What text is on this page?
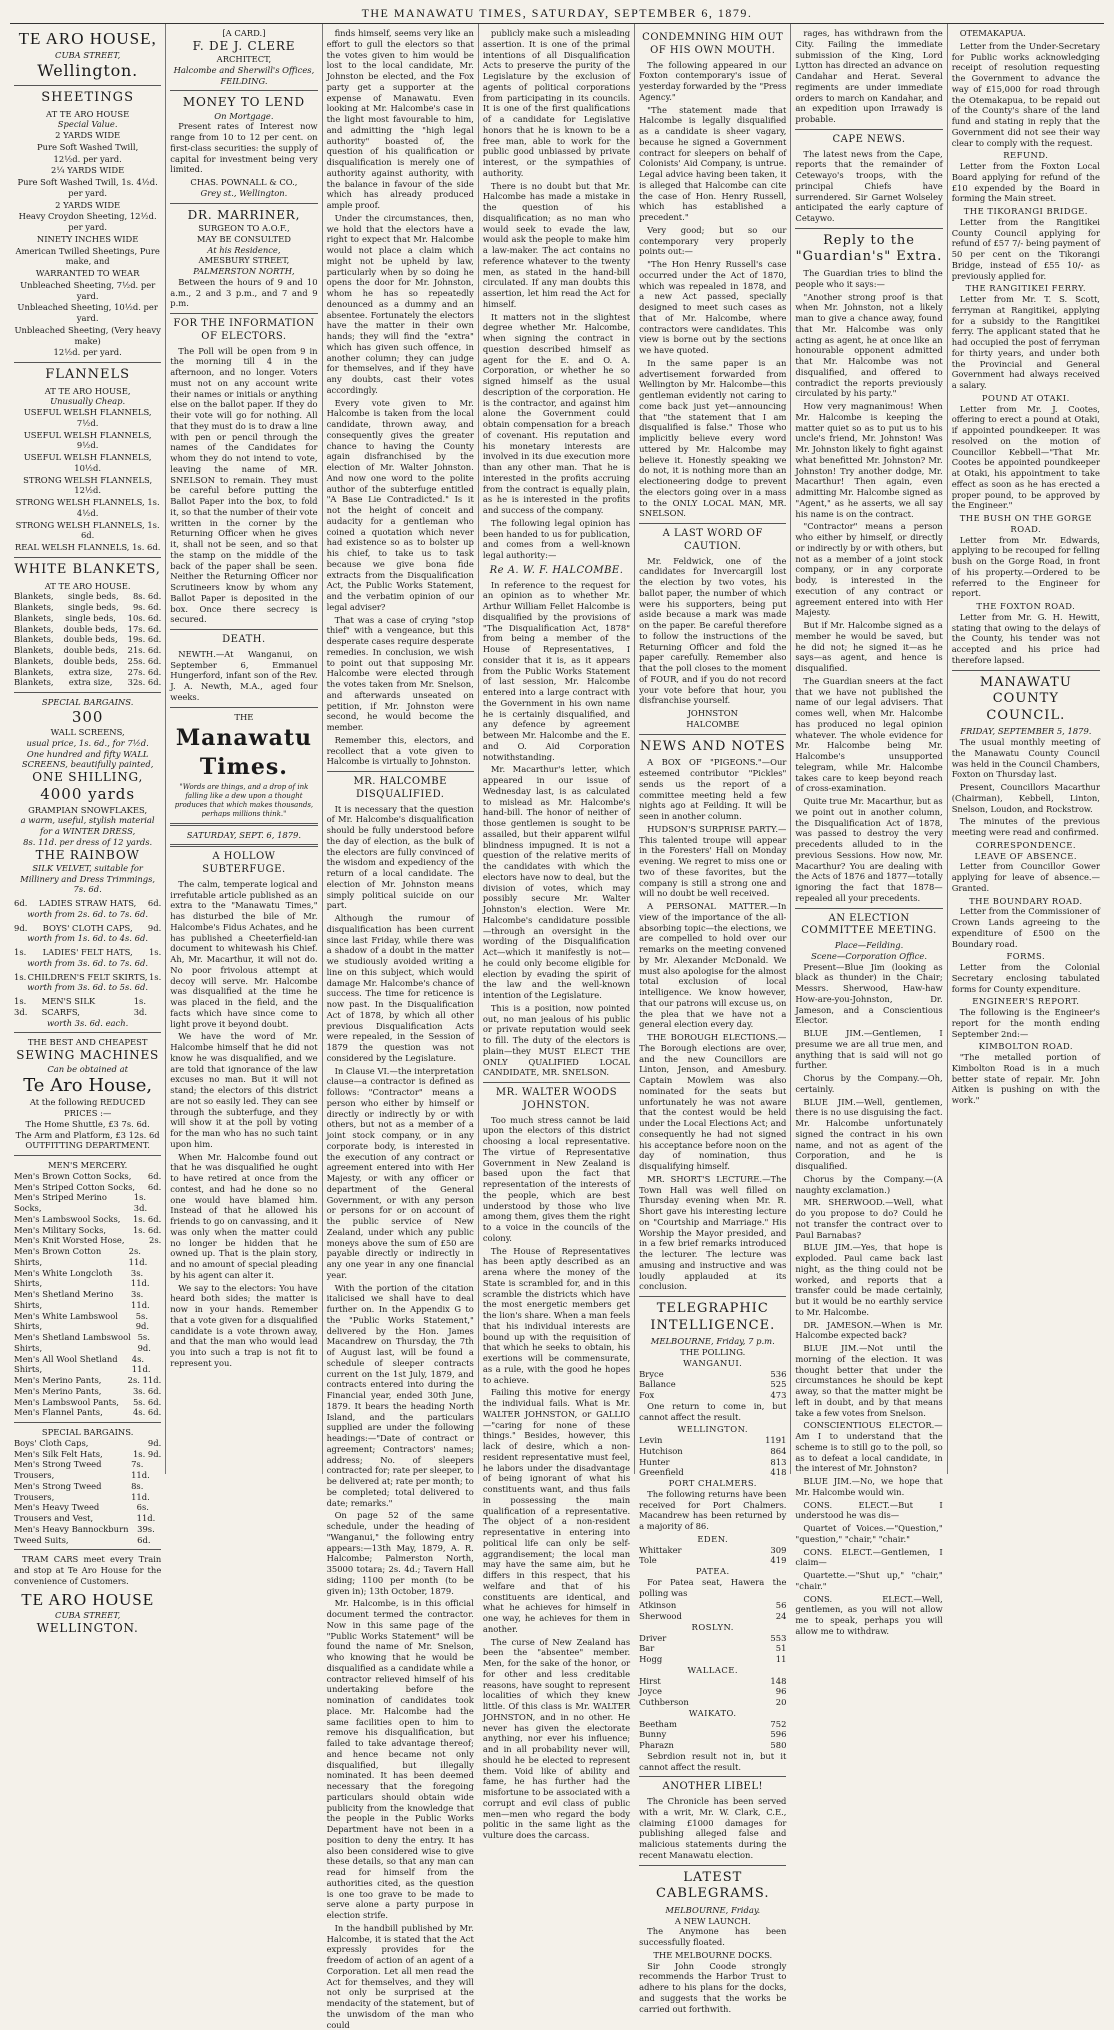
THE MANAWATU TIMES, SATURDAY, SEPTEMBER 6, 1879.
TE ARO HOUSE,
CUBA STREET,
Wellington.
SHEETINGS
AT TE ARO HOUSE
Special Value.
2 YARDS WIDE
Pure Soft Washed Twill,
12½d. per yard.
2¼ YARDS WIDE
Pure Soft Washed Twill, 1s. 4½d. per yard.
2 YARDS WIDE
Heavy Croydon Sheeting, 12½d. per yard.
NINETY INCHES WIDE
American Twilled Sheetings, Pure make, and
WARRANTED TO WEAR
Unbleached Sheeting, 7½d. per yard.
Unbleached Sheeting, 10½d. per yard.
Unbleached Sheeting, (Very heavy make)
12½d. per yard.
FLANNELS
AT TE ARO HOUSE,
Unusually Cheap.
USEFUL WELSH FLANNELS, 7½d.
USEFUL WELSH FLANNELS, 9½d.
USEFUL WELSH FLANNELS, 10½d.
STRONG WELSH FLANNELS, 12½d.
STRONG WELSH FLANNELS, 1s. 4½d.
STRONG WELSH FLANNELS, 1s. 6d.
REAL WELSH FLANNELS, 1s. 6d.
WHITE BLANKETS,
AT TE ARO HOUSE.
Blankets, single beds, 8s. 6d.
Blankets, single beds, 9s. 6d.
Blankets, single beds, 10s. 6d.
Blankets, double beds, 17s. 6d.
Blankets, double beds, 19s. 6d.
Blankets, double beds, 21s. 6d.
Blankets, double beds, 25s. 6d.
Blankets, extra size, 27s. 6d.
Blankets, extra size, 32s. 6d.
SPECIAL BARGAINS.
300
WALL SCREENS,
usual price, 1s. 6d., for 7½d.
One hundred and fifty WALL SCREENS, beautifully painted,
ONE SHILLING,
4000 yards
GRAMPIAN SNOWFLAKES,
a warm, useful, stylish material for a WINTER DRESS,
8s. 11d. per dress of 12 yards.
THE RAINBOW
SILK VELVET, suitable for Millinery and Dress Trimmings, 7s. 6d.
6d. LADIES STRAW HATS, 6d.
worth from 2s. 6d. to 7s. 6d.
9d. BOYS' CLOTH CAPS, 9d.
worth from 1s. 6d. to 4s. 6d.
1s. LADIES' FELT HATS, 1s.
worth from 3s. 6d. to 7s. 6d.
1s. CHILDREN'S FELT SKIRTS, 1s.
worth from 3s. 6d. to 5s. 6d.
1s. 3d.
MEN'S SILK SCARFS,
1s. 3d.
worth 3s. 6d. each.
THE BEST AND CHEAPEST
SEWING MACHINES
Can be obtained at
Te Aro House,
At the following REDUCED PRICES :—
The Home Shuttle, £3 7s. 6d.
The Arm and Platform, £3 12s. 6d
OUTFITTING DEPARTMENT.
MEN'S MERCERY.
Men's Brown Cotton Socks, 6d.
Men's Striped Cotton Socks, 6d.
Men's Striped Merino Socks,
1s. 3d.
Men's Lambswool Socks, 1s. 6d.
Men's Military Socks,	1s. 6d.
Men's Knit Worsted Hose,	2s.
Men's Brown Cotton Shirts,
2s. 11d.
Men's White Longcloth Shirts,
3s. 11d.
Men's Shetland Merino Shirts,
3s. 11d.
Men's White Lambswool Shirts,
5s. 9d.
Men's Shetland Lambswool Shirts,
5s. 9d.
Men's All Wool Shetland Shirts,
4s. 11d.
Men's Merino Pants,	2s. 11d.
Men's Merino Pants,	3s. 6d.
Men's Lambswool Pants, 5s. 6d.
Men's Flannel Pants,	4s. 6d.
SPECIAL BARGAINS.
Boys' Cloth Caps,	9d.
Men's Silk Felt Hats,	1s. 9d.
Men's Strong Tweed Trousers,
7s. 11d.
Men's Strong Tweed Trousers,
8s. 11d.
Men's Heavy Tweed Trousers and Vest,
6s. 11d.
Men's Heavy Bannockburn Tweed Suits,
39s. 6d.
TRAM CARS meet every Train and stop at Te Aro House for the convenience of Customers.
TE ARO HOUSE
CUBA STREET,
WELLINGTON.
[A CARD.]
F. DE J. CLERE
ARCHITECT,
Halcombe and Sherwill's Offices, FEILDING.
MONEY TO LEND
On Mortgage.
Present rates of Interest now range from 10 to 12 per cent. on first-class securities: the supply of capital for investment being very limited.
CHAS. POWNALL & CO.,
Grey st., Wellington.
DR. MARRINER,
SURGEON TO A.O.F.,
MAY BE CONSULTED
At his Residence,
AMESBURY STREET,
PALMERSTON NORTH,
Between the hours of 9 and 10 a.m., 2 and 3 p.m., and 7 and 9 p.m.
FOR THE INFORMATION OF ELECTORS.
The Poll will be open from 9 in the morning till 4 in the afternoon, and no longer. Voters must not on any account write their names or initials or anything else on the ballot paper. If they do their vote will go for nothing. All that they must do is to draw a line with pen or pencil through the names of the Candidates for whom they do not intend to vote, leaving the name of MR. SNELSON to remain. They must be careful before putting the Ballot Paper into the box, to fold it, so that the number of their vote written in the corner by the Returning Officer when he gives it, shall not be seen, and so that the stamp on the middle of the back of the paper shall be seen. Neither the Returning Officer nor Scrutineers know by whom any Ballot Paper is deposited in the box. Once there secrecy is secured.
DEATH.
NEWTH.—At Wanganui, on September 6, Emmanuel Hungerford, infant son of the Rev. J. A. Newth, M.A., aged four weeks.
THE
Manawatu Times.
"Words are things, and a drop of ink falling like a dew upon a thought produces that which makes thousands, perhaps millions think."
SATURDAY, SEPT. 6, 1879.
A HOLLOW SUBTERFUGE.
The calm, temperate logical and irrefutable article published as an extra to the "Manawatu Times," has disturbed the bile of Mr. Halcombe's Fidus Achates, and he has published a Cheeterfield-ian document to whitewash his Chief. Ah, Mr. Macarthur, it will not do. No poor frivolous attempt at decoy will serve. Mr. Halcombe was disqualified at the time he was placed in the field, and the facts which have since come to light prove it beyond doubt.
We have the word of Mr. Halcombe himself that he did not know he was disqualified, and we are told that ignorance of the law excuses no man. But it will not stand; the electors of this district are not so easily led. They can see through the subterfuge, and they will show it at the poll by voting for the man who has no such taint upon him.
When Mr. Halcombe found out that he was disqualified he ought to have retired at once from the contest, and had he done so no one would have blamed him. Instead of that he allowed his friends to go on canvassing, and it was only when the matter could no longer be hidden that he owned up. That is the plain story, and no amount of special pleading by his agent can alter it.
We say to the electors: You have heard both sides; the matter is now in your hands. Remember that a vote given for a disqualified candidate is a vote thrown away, and that the man who would lead you into such a trap is not fit to represent you.
finds himself, seems very like an effort to gull the electors so that the votes given to him would be lost to the local candidate, Mr. Johnston be elected, and the Fox party get a supporter at the expense of Manawatu. Even looking at Mr. Halcombe's case in the light most favourable to him, and admitting the "high legal authority" boasted of, the question of his qualification or disqualification is merely one of authority against authority, with the balance in favour of the side which has already produced ample proof.
Under the circumstances, then, we hold that the electors have a right to expect that Mr. Halcombe would not place a claim which might not be upheld by law, particularly when by so doing he opens the door for Mr. Johnston, whom he has so repeatedly denounced as a dummy and an absentee. Fortunately the electors have the matter in their own hands; they will find the "extra" which has given such offence, in another column; they can judge for themselves, and if they have any doubts, cast their votes accordingly.
Every vote given to Mr. Halcombe is taken from the local candidate, thrown away, and consequently gives the greater chance to having the County again disfranchised by the election of Mr. Walter Johnston. And now one word to the polite author of the subterfuge entitled "A Base Lie Contradicted." Is it not the height of conceit and audacity for a gentleman who coined a quotation which never had existence so as to bolster up his chief, to take us to task because we give bona fide extracts from the Disqualification Act, the Public Works Statement, and the verbatim opinion of our legal adviser?
That was a case of crying "stop thief" with a vengeance, but this desperate cases require desperate remedies. In conclusion, we wish to point out that supposing Mr. Halcombe were elected through the votes taken from Mr. Snelson, and afterwards unseated on petition, if Mr. Johnston were second, he would become the member.
Remember this, electors, and recollect that a vote given to Halcombe is virtually to Johnston.
MR. HALCOMBE DISQUALIFIED.
It is necessary that the question of Mr. Halcombe's disqualification should be fully understood before the day of election, as the bulk of the electors are fully convinced of the wisdom and expediency of the return of a local candidate. The election of Mr. Johnston means simply political suicide on our part.
Although the rumour of disqualification has been current since last Friday, while there was a shadow of a doubt in the matter we studiously avoided writing a line on this subject, which would damage Mr. Halcombe's chance of success. The time for reticence is now past. In the Disqualification Act of 1878, by which all other previous Disqualification Acts were repealed, in the Session of 1879 the question was not considered by the Legislature.
In Clause VI.—the interpretation clause—a contractor is defined as follows: "Contractor" means a person who either by himself or directly or indirectly by or with others, but not as a member of a joint stock company, or in any corporate body, is interested in the execution of any contract or agreement entered into with Her Majesty, or with any officer or department of the General Government, or with any person or persons for or on account of the public service of New Zealand, under which any public moneys above the sum of £50 are payable directly or indirectly in any one year in any one financial year.
With the portion of the citation italicised we shall have to deal further on. In the Appendix G to the "Public Works Statement," delivered by the Hon. James Macandrew on Thursday, the 7th of August last, will be found a schedule of sleeper contracts current on the 1st July, 1879, and contracts entered into during the Financial year, ended 30th June, 1879. It bears the heading North Island, and the particulars supplied are under the following headings:—"Date of contract or agreement; Contractors' names; address; No. of sleepers contracted for; rate per sleeper, to be delivered at; rate per month; to be completed; total delivered to date; remarks."
On page 52 of the same schedule, under the heading of "Wanganui," the following entry appears:—13th May, 1879, A. R. Halcombe; Palmerston North, 35000 totara; 2s. 4d.; Tavern Hall siding; 1100 per month (to be given in); 13th October, 1879.
Mr. Halcombe, is in this official document termed the contractor. Now in this same page of the "Public Works Statement" will be found the name of Mr. Snelson, who knowing that he would be disqualified as a candidate while a contractor relieved himself of his undertaking before the nomination of candidates took place. Mr. Halcombe had the same facilities open to him to remove his disqualification, but failed to take advantage thereof; and hence became not only disqualified, but illegally nominated. It has been deemed necessary that the foregoing particulars should obtain wide publicity from the knowledge that the people in the Public Works Department have not been in a position to deny the entry. It has also been considered wise to give these details, so that any man can read for himself from the authorities cited, as the question is one too grave to be made to serve alone a party purpose in election strife.
In the handbill published by Mr. Halcombe, it is stated that the Act expressly provides for the freedom of action of an agent of a Corporation. Let all men read the Act for themselves, and they will not only be surprised at the mendacity of the statement, but of the unwisdom of the man who could
publicly make such a misleading assertion. It is one of the primal intentions of all Disqualification Acts to preserve the purity of the Legislature by the exclusion of agents of political corporations from participating in its councils. It is one of the first qualifications of a candidate for Legislative honors that he is known to be a free man, able to work for the public good unbiassed by private interest, or the sympathies of authority.
There is no doubt but that Mr. Halcombe has made a mistake in the question of his disqualification; as no man who would seek to evade the law, would ask the people to make him a law-maker. The act contains no reference whatever to the twenty men, as stated in the hand-bill circulated. If any man doubts this assertion, let him read the Act for himself.
It matters not in the slightest degree whether Mr. Halcombe, when signing the contract in question described himself as agent for the E. and O. A. Corporation, or whether he so signed himself as the usual description of the corporation. He is the contractor, and against him alone the Government could obtain compensation for a breach of covenant. His reputation and his monetary interests are involved in its due execution more than any other man. That he is interested in the profits accruing from the contract is equally plain, as he is interested in the profits and success of the company.
The following legal opinion has been handed to us for publication, and comes from a well-known legal authority:—
Re A. W. F. HALCOMBE.
In reference to the request for an opinion as to whether Mr. Arthur William Fellet Halcombe is disqualified by the provisions of "The Disqualification Act, 1878" from being a member of the House of Representatives, I consider that it is, as it appears from the Public Works Statement of last session, Mr. Halcombe entered into a large contract with the Government in his own name he is certainly disqualified, and any defence by agreement between Mr. Halcombe and the E. and O. Aid Corporation notwithstanding.
Mr. Macarthur's letter, which appeared in our issue of Wednesday last, is as calculated to mislead as Mr. Halcombe's hand-bill. The honor of neither of those gentlemen is sought to be assailed, but their apparent wilful blindness impugned. It is not a question of the relative merits of the candidates with which the electors have now to deal, but the division of votes, which may possibly secure Mr. Walter Johnston's election. Were Mr. Halcombe's candidature possible—through an oversight in the wording of the Disqualification Act—which it manifestly is not—he could only become eligible for election by evading the spirit of the law and the well-known intention of the Legislature.
This is a position, now pointed out, no man jealous of his public or private reputation would seek to fill. The duty of the electors is plain—they MUST ELECT THE ONLY QUALIFIED LOCAL CANDIDATE, MR. SNELSON.
MR. WALTER WOODS JOHNSTON.
Too much stress cannot be laid upon the electors of this district choosing a local representative. The virtue of Representative Government in New Zealand is based upon the fact that representation of the interests of the people, which are best understood by those who live among them, gives them the right to a voice in the councils of the colony.
The House of Representatives has been aptly described as an arena where the money of the State is scrambled for, and in this scramble the districts which have the most energetic members get the lion's share. When a man feels that his individual interests are bound up with the requisition of that which he seeks to obtain, his exertions will be commensurate, as a rule, with the good he hopes to achieve.
Failing this motive for energy the individual fails. What is Mr. WALTER JOHNSTON, or GALLIO—"caring for none of these things." Besides, however, this lack of desire, which a non-resident representative must feel, he labors under the disadvantage of being ignorant of what his constituents want, and thus fails in possessing the main qualification of a representative. The object of a non-resident representative in entering into political life can only be self-aggrandisement; the local man may have the same aim, but he differs in this respect, that his welfare and that of his constituents are identical, and what he achieves for himself in one way, he achieves for them in another.
The curse of New Zealand has been the "absentee" member. Men, for the sake of the honor, or for other and less creditable reasons, have sought to represent localities of which they knew little. Of this class is Mr. WALTER JOHNSTON, and in no other. He never has given the electorate anything, nor ever his influence; and in all probability never will, should he be elected to represent them. Void like of ability and fame, he has further had the misfortune to be associated with a corrupt and evil class of public men—men who regard the body politic in the same light as the vulture does the carcass.
CONDEMNING HIM OUT OF HIS OWN MOUTH.
The following appeared in our Foxton contemporary's issue of yesterday forwarded by the "Press Agency."
"The statement made that Halcombe is legally disqualified as a candidate is sheer vagary, because he signed a Government contract for sleepers on behalf of Colonists' Aid Company, is untrue. Legal advice having been taken, it is alleged that Halcombe can cite the case of Hon. Henry Russell, which has established a precedent."
Very good; but so our contemporary very properly points out:—
"The Hon Henry Russell's case occurred under the Act of 1870, which was repealed in 1878, and a new Act passed, specially designed to meet such cases as that of Mr. Halcombe, where contractors were candidates. This view is borne out by the sections we have quoted.
In the same paper is an advertisement forwarded from Wellington by Mr. Halcombe—this gentleman evidently not caring to come back just yet—announcing that "the statement that I am disqualified is false." Those who implicitly believe every word uttered by Mr. Halcombe may believe it. Honestly speaking we do not, it is nothing more than an electioneering dodge to prevent the electors going over in a mass to the ONLY LOCAL MAN, MR. SNELSON.
A LAST WORD OF CAUTION.
Mr. Feldwick, one of the candidates for Invercargill lost the election by two votes, his ballot paper, the number of which were his supporters, being put aside because a mark was made on the paper. Be careful therefore to follow the instructions of the Returning Officer and fold the paper carefully. Remember also that the poll closes to the moment of FOUR, and if you do not record your vote before that hour, you disfranchise yourself.
JOHNSTON
HALCOMBE
NEWS AND NOTES
A BOX OF "PIGEONS."—Our esteemed contributor "Pickles" sends us the report of a committee meeting held a few nights ago at Feilding. It will be seen in another column.
HUDSON'S SURPRISE PARTY.—This talented troupe will appear in the Foresters' Hall on Monday evening. We regret to miss one or two of these favorites, but the company is still a strong one and will no doubt be well received.
A PERSONAL MATTER.—In view of the importance of the all-absorbing topic—the elections, we are compelled to hold over our remarks on the meeting convened by Mr. Alexander McDonald. We must also apologise for the almost total exclusion of local intelligence. We know however, that our patrons will excuse us, on the plea that we have not a general election every day.
THE BOROUGH ELECTIONS.—The Borough elections are over, and the new Councillors are Linton, Jenson, and Amesbury. Captain Mowlem was also nominated for the seats but unfortunately he was not aware that the contest would be held under the Local Elections Act; and consequently he had not signed his acceptance before noon on the day of nomination, thus disqualifying himself.
MR. SHORT'S LECTURE.—The Town Hall was well filled on Thursday evening when Mr. R. Short gave his interesting lecture on "Courtship and Marriage." His Worship the Mayor presided, and in a few brief remarks introduced the lecturer. The lecture was amusing and instructive and was loudly applauded at its conclusion.
TELEGRAPHIC INTELLIGENCE.
MELBOURNE, Friday, 7 p.m.
THE POLLING.
WANGANUI.
Bryce	536
Ballance	525
Fox	473
One return to come in, but cannot affect the result.
WELLINGTON.
Levin	1191
Hutchison	864
Hunter	813
Greenfield	418
PORT CHALMERS.
The following returns have been received for Port Chalmers. Macandrew has been returned by a majority of 86.
EDEN.
Whittaker	309
Tole	419
PATEA.
For Patea seat, Hawera the polling was
Atkinson	56
Sherwood	24
ROSLYN.
Driver	553
Bar	51
Hogg	11
WALLACE.
Hirst	148
Joyce	96
Cuthberson	20
WAIKATO.
Beetham	752
Bunny	596
Pharazn	580
Sebrdion result not in, but it cannot affect the result.
ANOTHER LIBEL!
The Chronicle has been served with a writ, Mr. W. Clark, C.E., claiming £1000 damages for publishing alleged false and malicious statements during the recent Manawatu election.
LATEST CABLEGRAMS.
MELBOURNE, Friday.
A NEW LAUNCH.
The Anymone has been successfully floated.
THE MELBOURNE DOCKS.
Sir John Coode strongly recommends the Harbor Trust to adhere to his plans for the docks, and suggests that the works be carried out forthwith.
rages, has withdrawn from the City. Failing the immediate submission of the King, Lord Lytton has directed an advance on Candahar and Herat. Several regiments are under immediate orders to march on Kandahar, and an expedition upon Irrawady is probable.
CAPE NEWS.
The latest news from the Cape, reports that the remainder of Cetewayo's troops, with the principal Chiefs have surrendered. Sir Garnet Wolseley anticipated the early capture of Cetaywo.
Reply to the "Guardian's" Extra.
The Guardian tries to blind the people who it says:—
"Another strong proof is that when Mr. Johnston, not a likely man to give a chance away, found that Mr. Halcombe was only acting as agent, he at once like an honourable opponent admitted that Mr. Halcombe was not disqualified, and offered to contradict the reports previously circulated by his party."
How very magnanimous! When Mr. Halcombe is keeping the matter quiet so as to put us to his uncle's friend, Mr. Johnston! Was Mr. Johnston likely to fight against what benefitted Mr. Johnston? Mr. Johnston! Try another dodge, Mr. Macarthur! Then again, even admitting Mr. Halcombe signed as "Agent," as he asserts, we all say his name is on the contract.
"Contractor" means a person who either by himself, or directly or indirectly by or with others, but not as a member of a joint stock company, or in any corporate body, is interested in the execution of any contract or agreement entered into with Her Majesty.
But if Mr. Halcombe signed as a member he would be saved, but he did not; he signed it—as he says—as agent, and hence is disqualified.
The Guardian sneers at the fact that we have not published the name of our legal advisers. That comes well, when Mr. Halcombe has produced no legal opinion whatever. The whole evidence for Mr. Halcombe being Mr. Halcombe's unsupported telegram, while Mr. Halcombe takes care to keep beyond reach of cross-examination.
Quite true Mr. Macarthur, but as we point out in another column, the Disqualification Act of 1878, was passed to destroy the very precedents alluded to in the previous Sessions. How now, Mr. Macarthur? You are dealing with the Acts of 1876 and 1877—totally ignoring the fact that 1878—repealed all your precedents.
AN ELECTION COMMITTEE MEETING.
Place—Feilding.
Scene—Corporation Office.
Present—Blue Jim (looking as black as thunder) in the Chair; Messrs. Sherwood, Haw-haw How-are-you-Johnston, Dr. Jameson, and a Conscientious Elector.
BLUE JIM.—Gentlemen, I presume we are all true men, and anything that is said will not go further.
Chorus by the Company.—Oh, certainly.
BLUE JIM.—Well, gentlemen, there is no use disguising the fact. Mr. Halcombe unfortunately signed the contract in his own name, and not as agent of the Corporation, and he is disqualified.
Chorus by the Company.—(A naughty exclamation.)
MR. SHERWOOD.—Well, what do you propose to do? Could he not transfer the contract over to Paul Barnabas?
BLUE JIM.—Yes, that hope is exploded. Paul came back last night, as the thing could not be worked, and reports that a transfer could be made certainly, but it would be no earthly service to Mr. Halcombe.
DR. JAMESON.—When is Mr. Halcombe expected back?
BLUE JIM.—Not until the morning of the election. It was thought better that under the circumstances he should be kept away, so that the matter might be left in doubt, and by that means take a few votes from Snelson.
CONSCIENTIOUS ELECTOR.—Am I to understand that the scheme is to still go to the poll, so as to defeat a local candidate, in the interest of Mr. Johnston?
BLUE JIM.—No, we hope that Mr. Halcombe would win.
CONS. ELECT.—But I understood he was dis—
Quartet of Voices.—"Question," "question," "chair," "chair."
CONS. ELECT.—Gentlemen, I claim—
Quartette.—"Shut up," "chair," "chair."
CONS. ELECT.—Well, gentlemen, as you will not allow me to speak, perhaps you will allow me to withdraw.
OTEMAKAPUA.
Letter from the Under-Secretary for Public works acknowledging receipt of resolution requesting the Government to advance the way of £15,000 for road through the Otemakapua, to be repaid out of the County's share of the land fund and stating in reply that the Government did not see their way clear to comply with the request.
REFUND.
Letter from the Foxton Local Board applying for refund of the £10 expended by the Board in forming the Main street.
THE TIKORANGI BRIDGE.
Letter from the Rangitikei County Council applying for refund of £57 7/- being payment of 50 per cent on the Tikorangi Bridge, instead of £55 10/- as previously applied for.
THE RANGITIKEI FERRY.
Letter from Mr. T. S. Scott, ferryman at Rangitikei, applying for a subsidy to the Rangitikei ferry. The applicant stated that he had occupied the post of ferryman for thirty years, and under both the Provincial and General Government had always received a salary.
POUND AT OTAKI.
Letter from Mr. J. Cootes, offering to erect a pound at Otaki, if appointed poundkeeper. It was resolved on the motion of Councillor Kebbell—"That Mr. Cootes be appointed poundkeeper at Otaki, his appointment to take effect as soon as he has erected a proper pound, to be approved by the Engineer."
THE BUSH ON THE GORGE ROAD.
Letter from Mr. Edwards, applying to be recouped for felling bush on the Gorge Road, in front of his property.—Ordered to be referred to the Engineer for report.
THE FOXTON ROAD.
Letter from Mr. G. H. Hewitt, stating that owing to the delays of the County, his tender was not accepted and his price had therefore lapsed.
MANAWATU COUNTY COUNCIL.
FRIDAY, SEPTEMBER 5, 1879.
The usual monthly meeting of the Manawatu County Council was held in the Council Chambers, Foxton on Thursday last.
Present, Councillors Macarthur (Chairman), Kebbell, Linton, Snelson, Loudon, and Rockstrow.
The minutes of the previous meeting were read and confirmed.
CORRESPONDENCE.
LEAVE OF ABSENCE.
Letter from Councillor Gower applying for leave of absence.—Granted.
THE BOUNDARY ROAD.
Letter from the Commissioner of Crown Lands agreeing to the expenditure of £500 on the Boundary road.
FORMS.
Letter from the Colonial Secretary enclosing tabulated forms for County expenditure.
ENGINEER'S REPORT.
The following is the Engineer's report for the month ending September 2nd:—
KIMBOLTON ROAD.
"The metalled portion of Kimbolton Road is in a much better state of repair. Mr. John Aitken is pushing on with the work."
